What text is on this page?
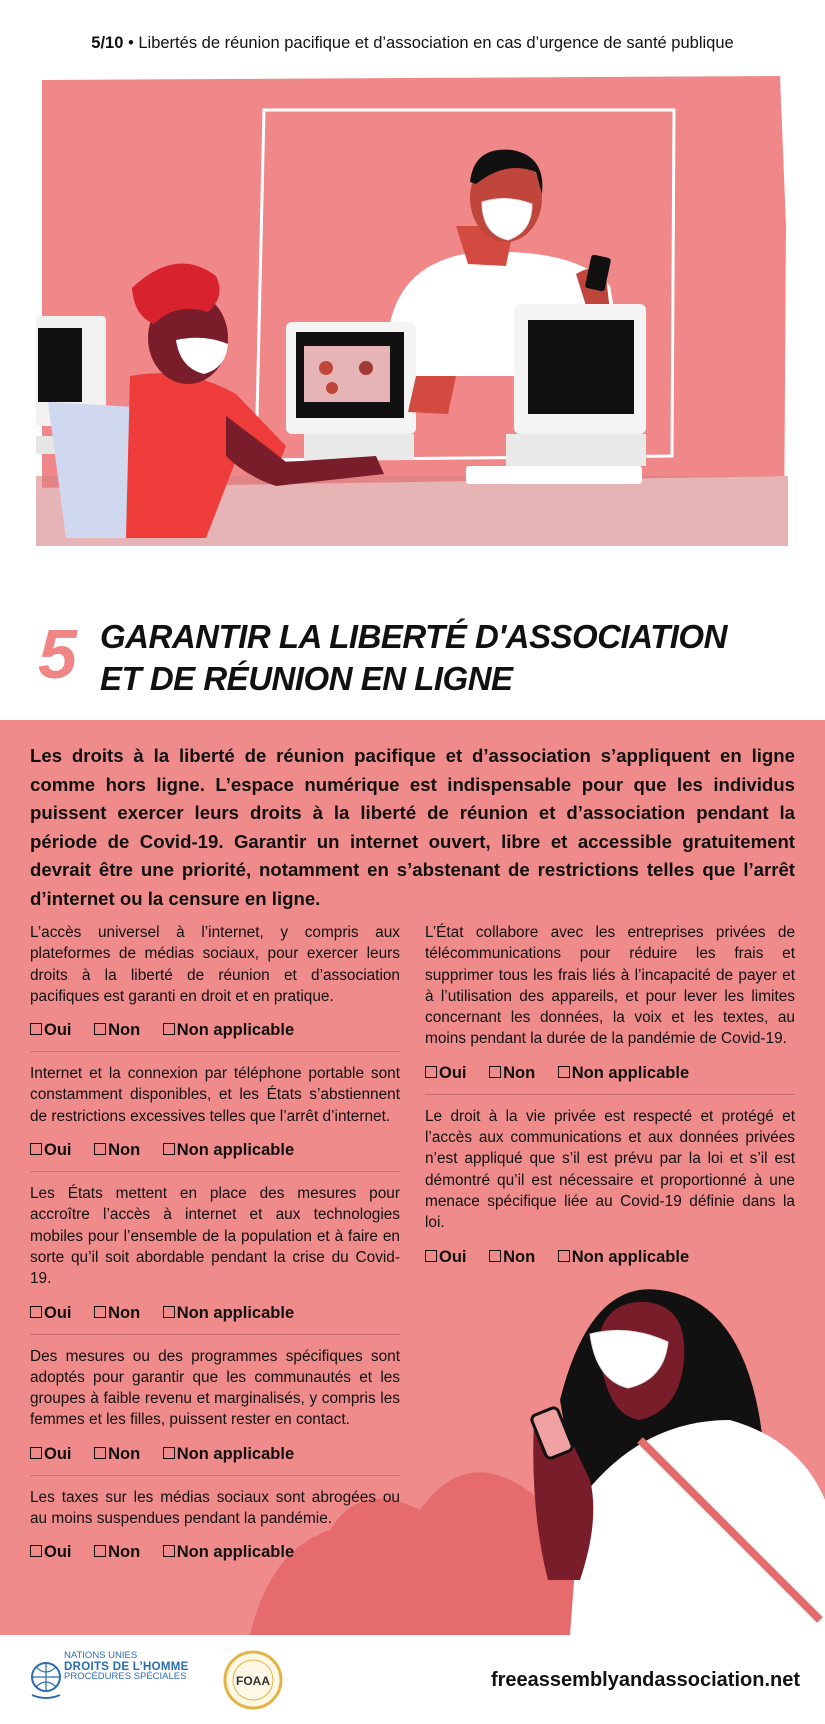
5/10 • Libertés de réunion pacifique et d’association en cas d’urgence de santé publique
5 GARANTIR LA LIBERTÉ D'ASSOCIATION
ET DE RÉUNION EN LIGNE
Les droits à la liberté de réunion pacifique et d’association s’appliquent en ligne comme hors ligne. L’espace numérique est indispensable pour que les individus puissent exercer leurs droits à la liberté de réunion et d’association pendant la période de Covid-19. Garantir un internet ouvert, libre et accessible gratuitement devrait être une priorité, notamment en s’abstenant de restrictions telles que l’arrêt d’internet ou la censure en ligne.
L’accès universel à l’internet, y compris aux plateformes de médias sociaux, pour exercer leurs droits à la liberté de réunion et d’association pacifiques est garanti en droit et en pratique.
Oui Non Non applicable
Internet et la connexion par téléphone portable sont constamment disponibles, et les États s’abstiennent de restrictions excessives telles que l’arrêt d’internet.
Oui Non Non applicable
Les États mettent en place des mesures pour accroître l’accès à internet et aux technologies mobiles pour l’ensemble de la population et à faire en sorte qu’il soit abordable pendant la crise du Covid-19.
Oui Non Non applicable
Des mesures ou des programmes spécifiques sont adoptés pour garantir que les communautés et les groupes à faible revenu et marginalisés, y compris les femmes et les filles, puissent rester en contact.
Oui Non Non applicable
Les taxes sur les médias sociaux sont abrogées ou au moins suspendues pendant la pandémie.
Oui Non Non applicable
L’État collabore avec les entreprises privées de télécommunications pour réduire les frais et supprimer tous les frais liés à l’incapacité de payer et à l’utilisation des appareils, et pour lever les limites concernant les données, la voix et les textes, au moins pendant la durée de la pandémie de Covid-19.
Oui Non Non applicable
Le droit à la vie privée est respecté et protégé et l’accès aux communications et aux données privées n’est appliqué que s’il est prévu par la loi et s’il est démontré qu’il est nécessaire et proportionné à une menace spécifique liée au Covid-19 définie dans la loi.
Oui Non Non applicable
NATIONS UNIES
DROITS DE L’HOMME
PROCÉDURES SPÉCIALES	FOAA	freeassemblyandassociation.net
